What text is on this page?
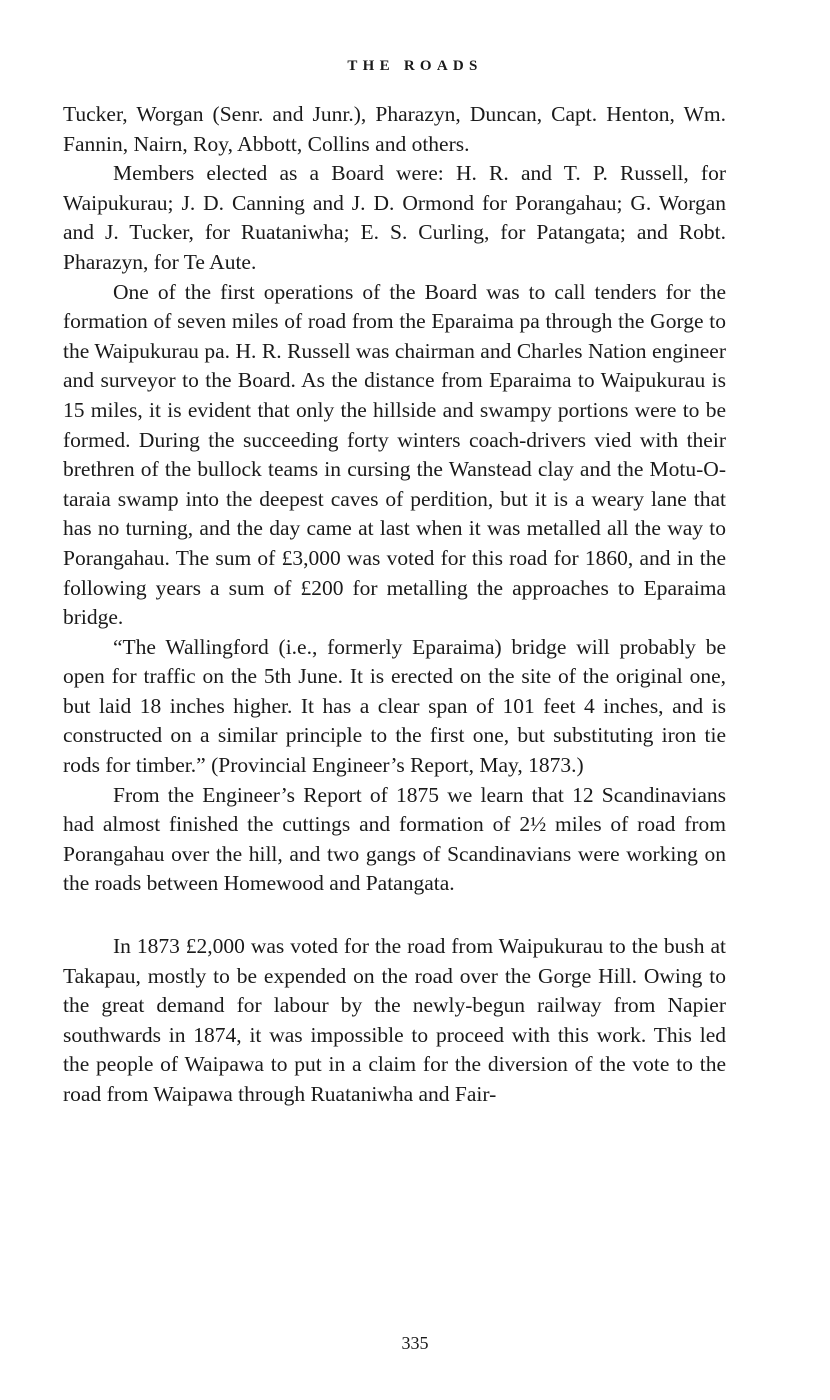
THE ROADS

Tucker, Worgan (Senr. and Junr.), Pharazyn, Duncan, Capt. Henton, Wm. Fannin, Nairn, Roy, Abbott, Collins and others.

Members elected as a Board were: H. R. and T. P. Russell, for Waipukurau; J. D. Canning and J. D. Ormond for Porangahau; G. Worgan and J. Tucker, for Ruataniwha; E. S. Curling, for Patangata; and Robt. Pharazyn, for Te Aute.

One of the first operations of the Board was to call tenders for the formation of seven miles of road from the Eparaima pa through the Gorge to the Waipukurau pa. H. R. Russell was chairman and Charles Nation engineer and surveyor to the Board. As the distance from Eparaima to Waipukurau is 15 miles, it is evident that only the hillside and swampy portions were to be formed. During the succeeding forty winters coach-drivers vied with their brethren of the bullock teams in cursing the Wanstead clay and the Motu-O-taraia swamp into the deepest caves of perdition, but it is a weary lane that has no turning, and the day came at last when it was metalled all the way to Porangahau. The sum of £3,000 was voted for this road for 1860, and in the following years a sum of £200 for metalling the approaches to Eparaima bridge.

“The Wallingford (i.e., formerly Eparaima) bridge will probably be open for traffic on the 5th June. It is erected on the site of the original one, but laid 18 inches higher. It has a clear span of 101 feet 4 inches, and is constructed on a similar principle to the first one, but substituting iron tie rods for timber.” (Provincial Engineer’s Report, May, 1873.)

From the Engineer’s Report of 1875 we learn that 12 Scandinavians had almost finished the cuttings and formation of 2½ miles of road from Porangahau over the hill, and two gangs of Scandinavians were working on the roads between Homewood and Patangata.

In 1873 £2,000 was voted for the road from Waipukurau to the bush at Takapau, mostly to be expended on the road over the Gorge Hill. Owing to the great demand for labour by the newly-begun railway from Napier southwards in 1874, it was impossible to proceed with this work. This led the people of Waipawa to put in a claim for the diversion of the vote to the road from Waipawa through Ruataniwha and Fair-

335
